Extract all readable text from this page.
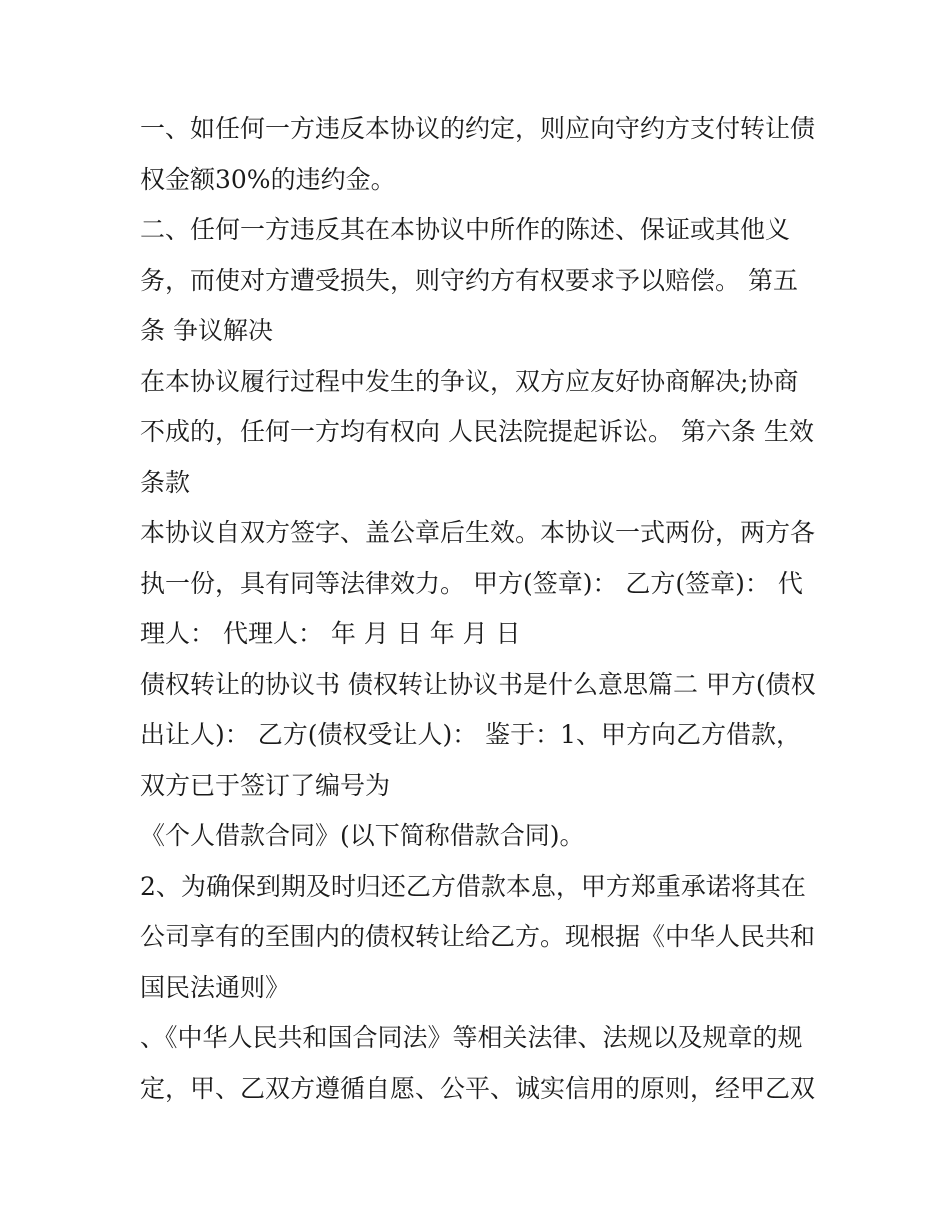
一、如任何一方违反本协议的约定，则应向守约方支付转让债
权金额30%的违约金。
二、任何一方违反其在本协议中所作的陈述、保证或其他义
务，而使对方遭受损失，则守约方有权要求予以赔偿。 第五
条 争议解决
在本协议履行过程中发生的争议，双方应友好协商解决;协商
不成的，任何一方均有权向 人民法院提起诉讼。 第六条 生效
条款
本协议自双方签字、盖公章后生效。本协议一式两份，两方各
执一份，具有同等法律效力。 甲方(签章)： 乙方(签章)： 代
理人： 代理人： 年 月 日 年 月 日
债权转让的协议书 债权转让协议书是什么意思篇二 甲方(债权
出让人)： 乙方(债权受让人)： 鉴于：1、甲方向乙方借款，
双方已于签订了编号为
《个人借款合同》(以下简称借款合同)。
2、为确保到期及时归还乙方借款本息，甲方郑重承诺将其在
公司享有的至围内的债权转让给乙方。现根据《中华人民共和
国民法通则》
、《中华人民共和国合同法》等相关法律、法规以及规章的规
定，甲、乙双方遵循自愿、公平、诚实信用的原则，经甲乙双
